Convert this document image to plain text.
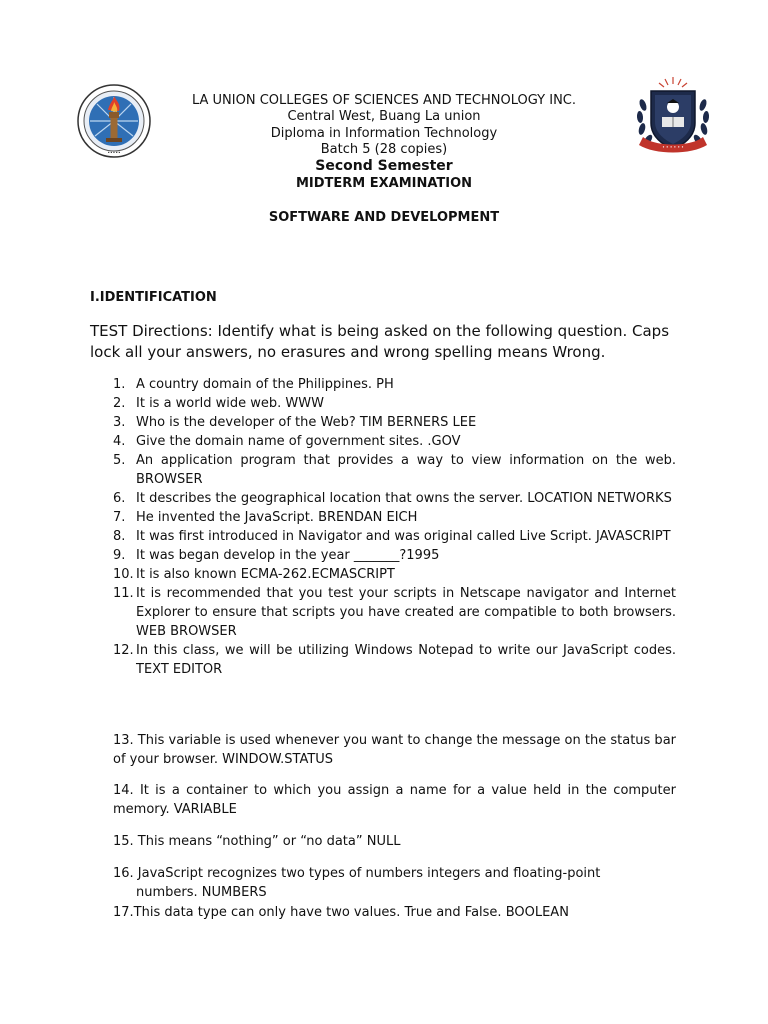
•••••
• • • • • •
LA UNION COLLEGES OF SCIENCES AND TECHNOLOGY INC.
Central West, Buang La union
Diploma in Information Technology
Batch 5 (28 copies)
Second Semester
MIDTERM EXAMINATION
SOFTWARE AND DEVELOPMENT
I.IDENTIFICATION
TEST Directions: Identify what is being asked on the following question. Caps lock all your answers, no erasures and wrong spelling means Wrong.
1. A country domain of the Philippines. PH
2. It is a world wide web. WWW
3. Who is the developer of the Web? TIM BERNERS LEE
4. Give the domain name of government sites. .GOV
5. An application program that provides a way to view information on the web. BROWSER
6. It describes the geographical location that owns the server. LOCATION NETWORKS
7. He invented the JavaScript. BRENDAN EICH
8. It was first introduced in Navigator and was original called Live Script. JAVASCRIPT
9. It was began develop in the year _______?1995
10. It is also known ECMA-262.ECMASCRIPT
11. It is recommended that you test your scripts in Netscape navigator and Internet Explorer to ensure that scripts you have created are compatible to both browsers. WEB BROWSER
12. In this class, we will be utilizing Windows Notepad to write our JavaScript codes. TEXT EDITOR
13. This variable is used whenever you want to change the message on the status bar of your browser. WINDOW.STATUS
14. It is a container to which you assign a name for a value held in the computer memory. VARIABLE
15. This means “nothing” or “no data” NULL
16. JavaScript recognizes two types of numbers integers and floating-point
numbers. NUMBERS
17.This data type can only have two values. True and False. BOOLEAN
